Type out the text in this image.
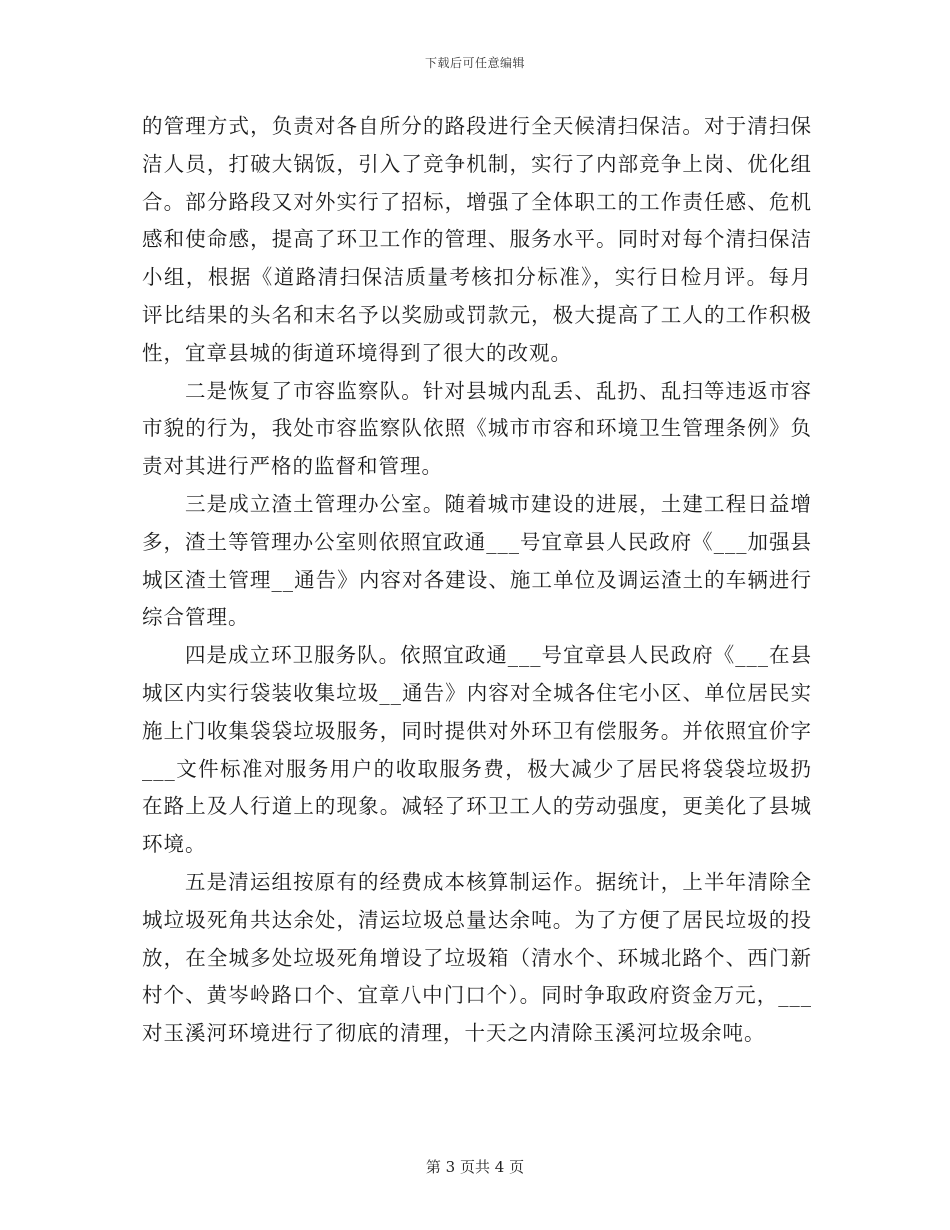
下载后可任意编辑

的管理方式，负责对各自所分的路段进行全天候清扫保洁。对于清扫保洁人员，打破大锅饭，引入了竞争机制，实行了内部竞争上岗、优化组合。部分路段又对外实行了招标，增强了全体职工的工作责任感、危机感和使命感，提高了环卫工作的管理、服务水平。同时对每个清扫保洁小组，根据《道路清扫保洁质量考核扣分标准》，实行日检月评。每月评比结果的头名和末名予以奖励或罚款元，极大提高了工人的工作积极性，宜章县城的街道环境得到了很大的改观。

二是恢复了市容监察队。针对县城内乱丢、乱扔、乱扫等违返市容市貌的行为，我处市容监察队依照《城市市容和环境卫生管理条例》负责对其进行严格的监督和管理。

三是成立渣土管理办公室。随着城市建设的进展，土建工程日益增多，渣土等管理办公室则依照宜政通___号宜章县人民政府《___加强县城区渣土管理__通告》内容对各建设、施工单位及调运渣土的车辆进行综合管理。

四是成立环卫服务队。依照宜政通___号宜章县人民政府《___在县城区内实行袋装收集垃圾__通告》内容对全城各住宅小区、单位居民实施上门收集袋袋垃圾服务，同时提供对外环卫有偿服务。并依照宜价字___文件标准对服务用户的收取服务费，极大减少了居民将袋袋垃圾扔在路上及人行道上的现象。减轻了环卫工人的劳动强度，更美化了县城环境。

五是清运组按原有的经费成本核算制运作。据统计，上半年清除全城垃圾死角共达余处，清运垃圾总量达余吨。为了方便了居民垃圾的投放，在全城多处垃圾死角增设了垃圾箱（清水个、环城北路个、西门新村个、黄岑岭路口个、宜章八中门口个）。同时争取政府资金万元，___对玉溪河环境进行了彻底的清理，十天之内清除玉溪河垃圾余吨。

第 3 页共 4 页
